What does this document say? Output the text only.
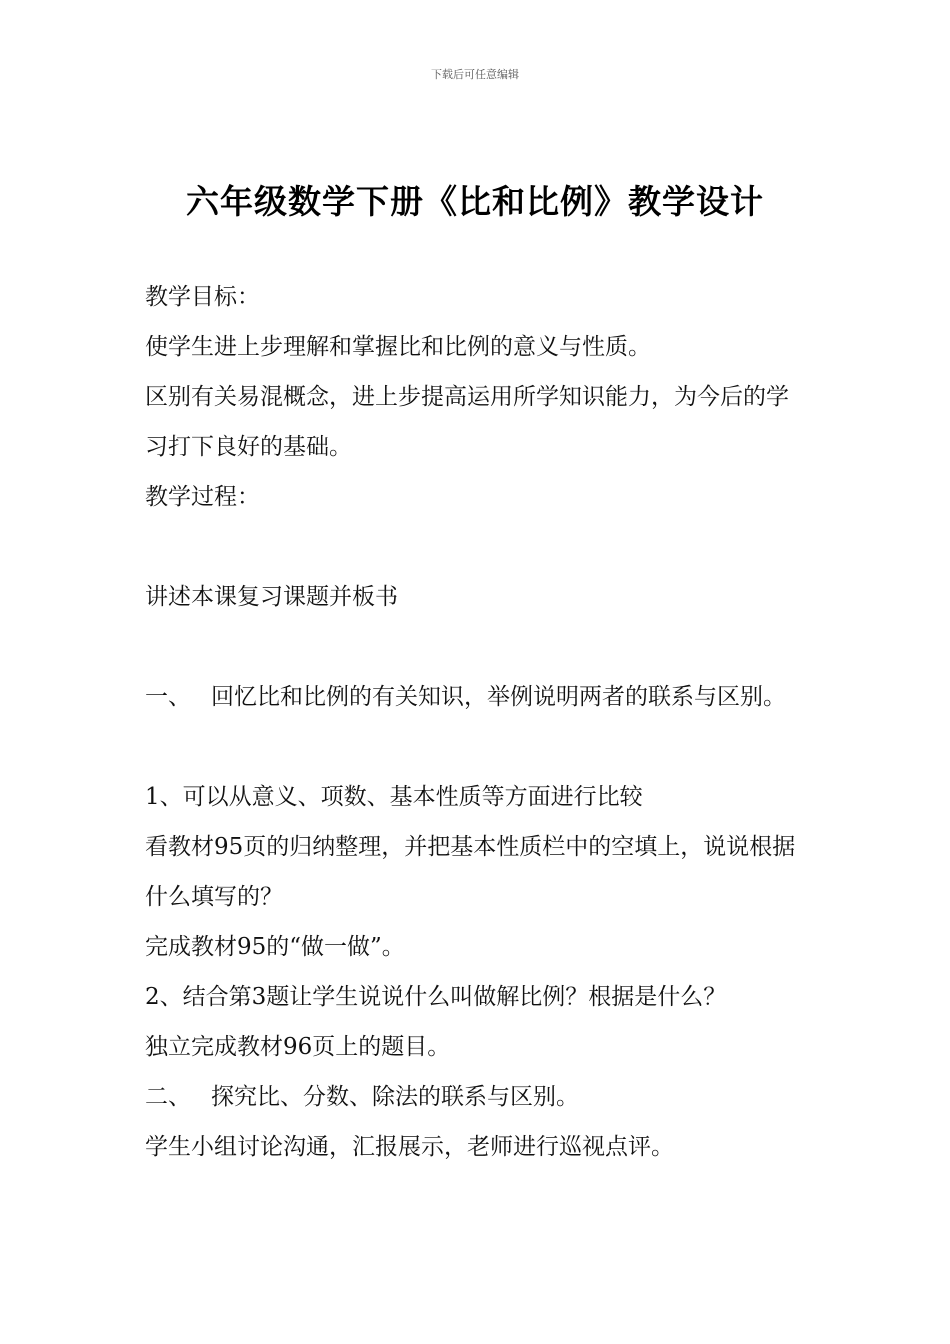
下载后可任意编辑
六年级数学下册《比和比例》教学设计

教学目标：

使学生进上步理解和掌握比和比例的意义与性质。

区别有关易混概念，进上步提高运用所学知识能力，为今后的学习打下良好的基础。

教学过程：

讲述本课复习课题并板书

一、 回忆比和比例的有关知识，举例说明两者的联系与区别。

1、可以从意义、项数、基本性质等方面进行比较

看教材95页的归纳整理，并把基本性质栏中的空填上，说说根据什么填写的？

完成教材95的“做一做”。

2、结合第3题让学生说说什么叫做解比例？根据是什么？

独立完成教材96页上的题目。

二、 探究比、分数、除法的联系与区别。

学生小组讨论沟通，汇报展示，老师进行巡视点评。
